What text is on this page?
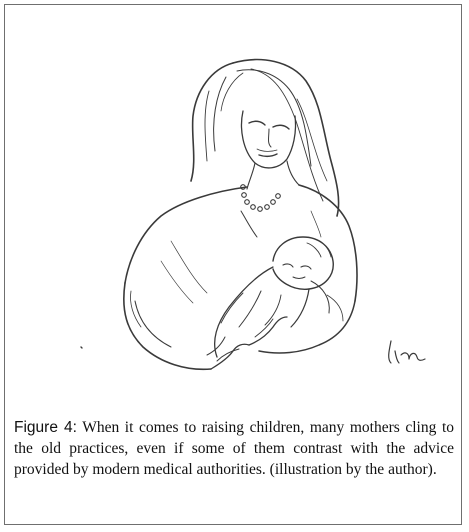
Figure 4: When it comes to raising children, many mothers cling to the old practices, even if some of them contrast with the advice provided by modern medical authorities. (illustration by the author).
